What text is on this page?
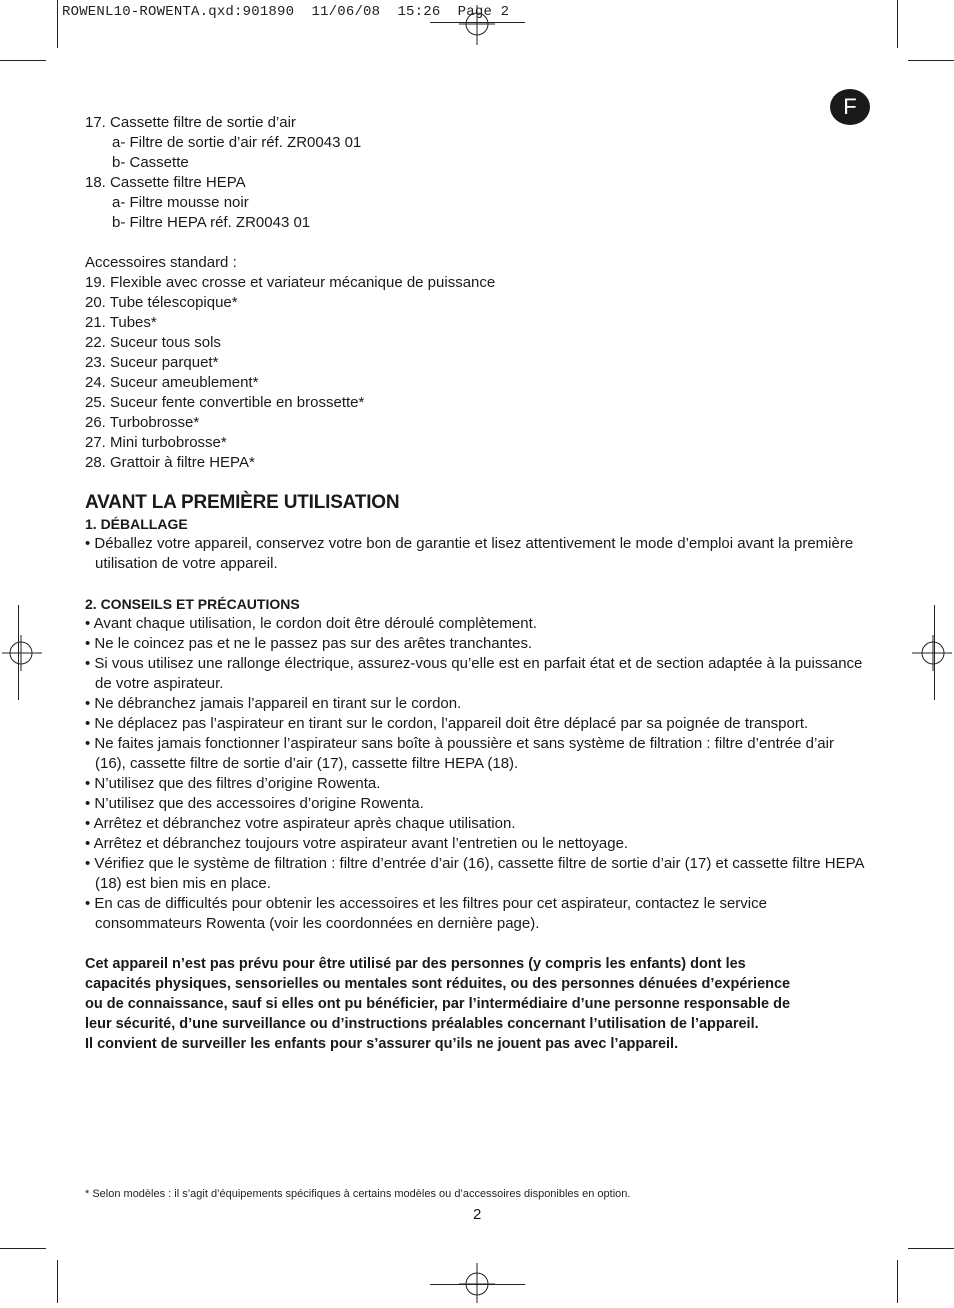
ROWENL10-ROWENTA.qxd:901890  11/06/08  15:26  Page 2
F
17. Cassette filtre de sortie d’air
a- Filtre de sortie d’air réf. ZR0043 01
b- Cassette
18. Cassette filtre HEPA
a- Filtre mousse noir
b- Filtre HEPA réf. ZR0043 01
Accessoires standard :
19. Flexible avec crosse et variateur mécanique de puissance
20. Tube télescopique*
21. Tubes*
22. Suceur tous sols
23. Suceur parquet*
24. Suceur ameublement*
25. Suceur fente convertible en brossette*
26. Turbobrosse*
27. Mini turbobrosse*
28. Grattoir à filtre HEPA*
AVANT LA PREMIÈRE UTILISATION
1. DÉBALLAGE
• Déballez votre appareil, conservez votre bon de garantie et lisez attentivement le mode d’emploi avant la première utilisation de votre appareil.
2. CONSEILS ET PRÉCAUTIONS
• Avant chaque utilisation, le cordon doit être déroulé complètement.
• Ne le coincez pas et ne le passez pas sur des arêtes tranchantes.
• Si vous utilisez une rallonge électrique, assurez-vous qu’elle est en parfait état et de section adaptée à la puissance de votre aspirateur.
• Ne débranchez jamais l’appareil en tirant sur le cordon.
• Ne déplacez pas l’aspirateur en tirant sur le cordon, l’appareil doit être déplacé par sa poignée de transport.
• Ne faites jamais fonctionner l’aspirateur sans boîte à poussière et sans système de filtration : filtre d’entrée d’air (16), cassette filtre de sortie d’air (17), cassette filtre HEPA (18).
• N’utilisez que des filtres d’origine Rowenta.
• N’utilisez que des accessoires d’origine Rowenta.
• Arrêtez et débranchez votre aspirateur après chaque utilisation.
• Arrêtez et débranchez toujours votre aspirateur avant l’entretien ou le nettoyage.
• Vérifiez que le système de filtration : filtre d’entrée d’air (16), cassette filtre de sortie d’air (17) et cassette filtre HEPA (18) est bien mis en place.
• En cas de difficultés pour obtenir les accessoires et les filtres pour cet aspirateur, contactez le service consommateurs Rowenta (voir les coordonnées en dernière page).
Cet appareil n’est pas prévu pour être utilisé par des personnes (y compris les enfants) dont les
capacités physiques, sensorielles ou mentales sont réduites, ou des personnes dénuées d’expérience
ou de connaissance, sauf si elles ont pu bénéficier, par l’intermédiaire d’une personne responsable de
leur sécurité, d’une surveillance ou d’instructions préalables concernant l’utilisation de l’appareil.
Il convient de surveiller les enfants pour s’assurer qu’ils ne jouent pas avec l’appareil.
* Selon modèles : il s’agit d’équipements spécifiques à certains modèles ou d’accessoires disponibles en option.
2
